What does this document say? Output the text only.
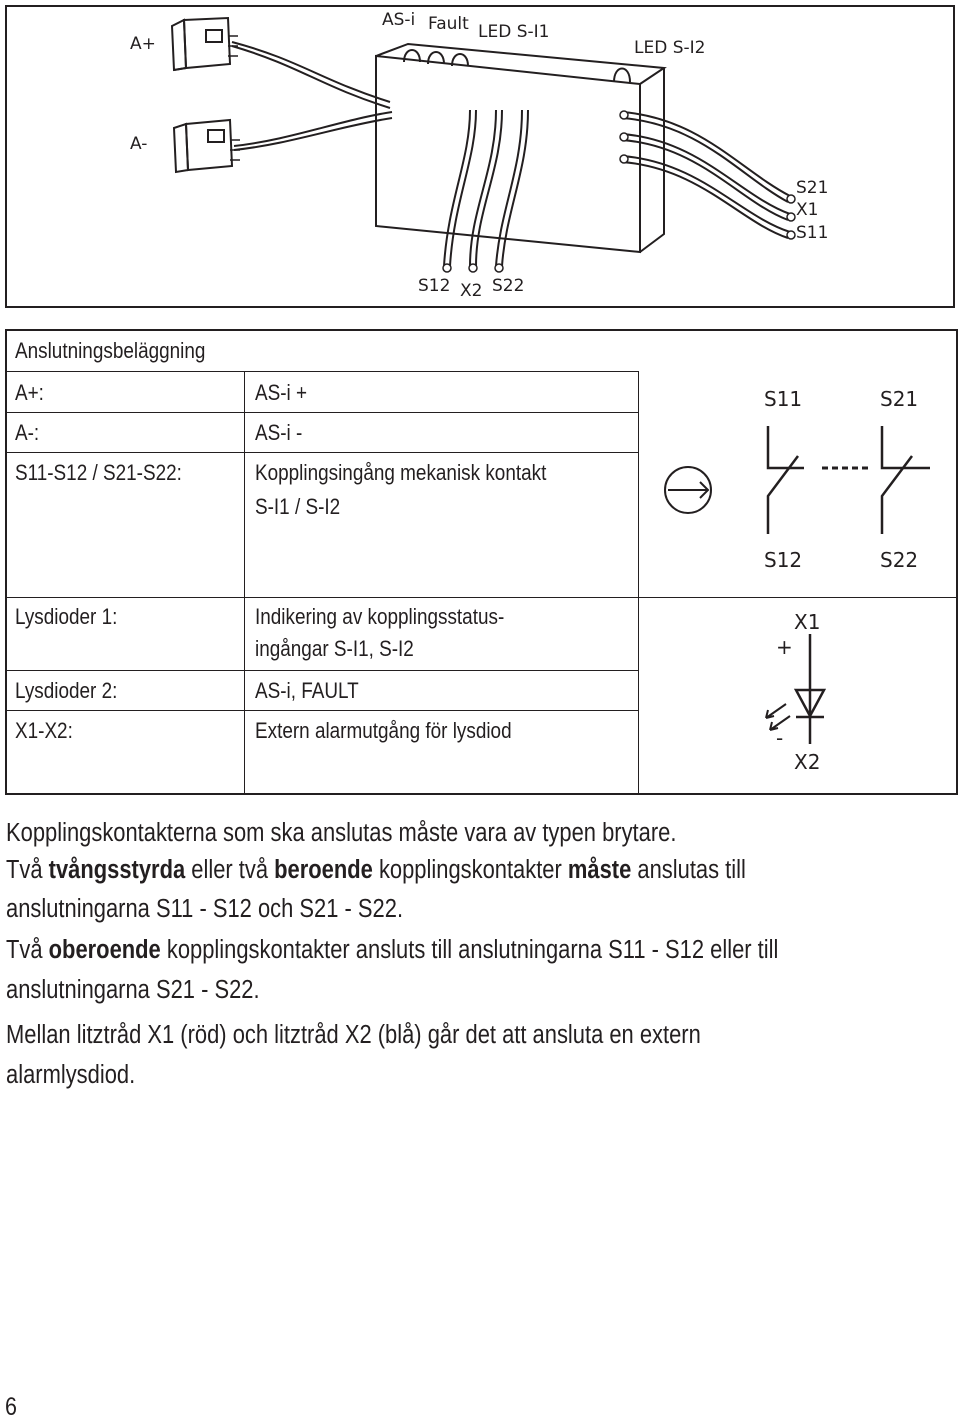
A+
A-
AS-i Fault LED S-I1
LED S-I2
S21
X1
S11
S12 X2 S22
Anslutningsbeläggning
A+:	AS-i +
A-:	AS-i -
S11-S12 / S21-S22:	Kopplingsingång mekanisk kontakt
S-I1 / S-I2
Lysdioder 1:	Indikering av kopplingsstatus-
ingångar S-I1, S-I2
Lysdioder 2:	AS-i, FAULT
X1-X2:	Extern alarmutgång för lysdiod
S11	S21
S12	S22
X1
+
-
X2
Kopplingskontakterna som ska anslutas måste vara av typen brytare.
Två tvångsstyrda eller två beroende kopplingskontakter måste anslutas till
anslutningarna S11 - S12 och S21 - S22.
Två oberoende kopplingskontakter ansluts till anslutningarna S11 - S12 eller till
anslutningarna S21 - S22.
Mellan litztråd X1 (röd) och litztråd X2 (blå) går det att ansluta en extern
alarmlysdiod.
6
